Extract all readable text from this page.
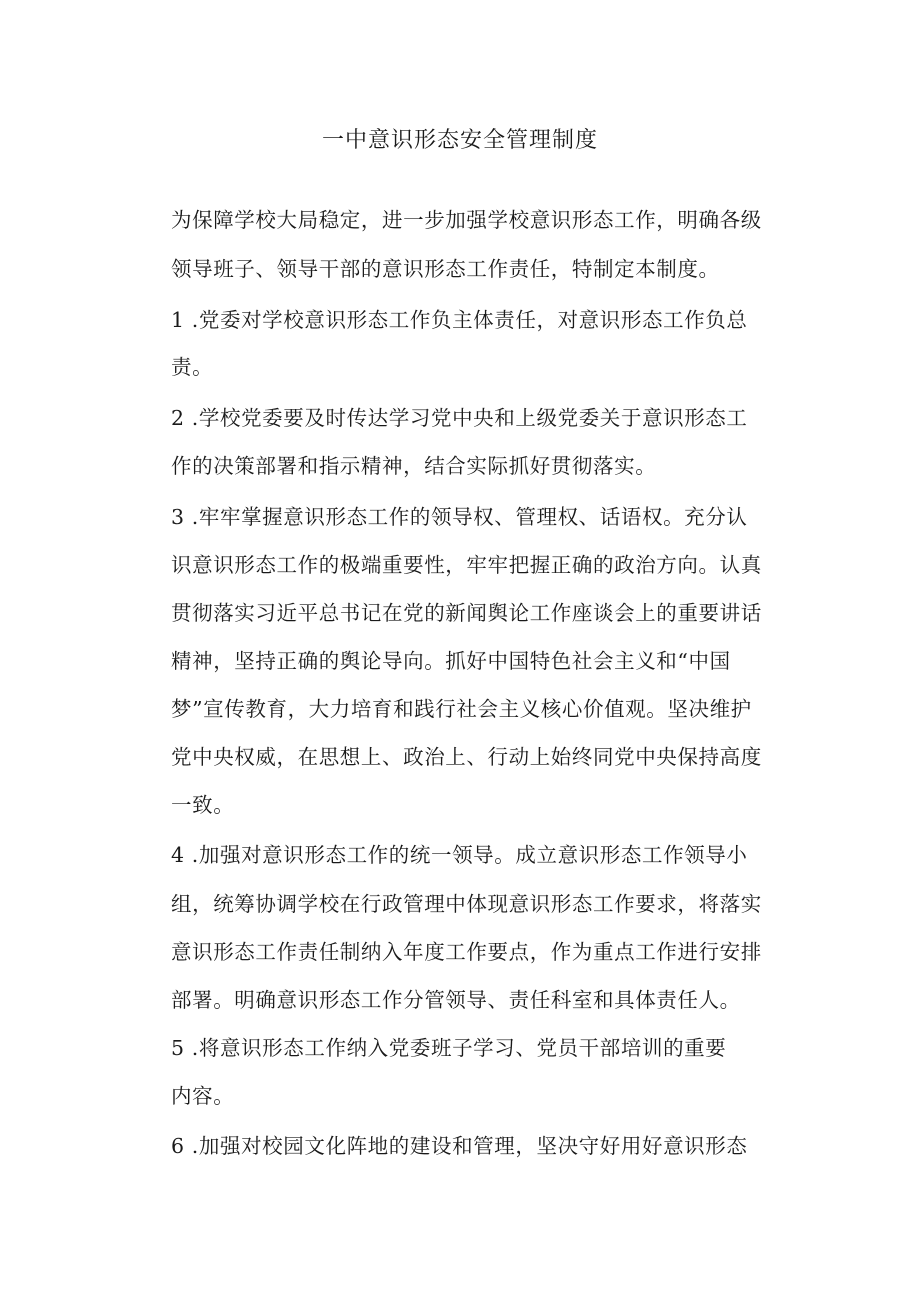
一中意识形态安全管理制度

为保障学校大局稳定，进一步加强学校意识形态工作，明确各级

领导班子、领导干部的意识形态工作责任，特制定本制度。

1 .党委对学校意识形态工作负主体责任，对意识形态工作负总

责。

2 .学校党委要及时传达学习党中央和上级党委关于意识形态工

作的决策部署和指示精神，结合实际抓好贯彻落实。

3 .牢牢掌握意识形态工作的领导权、管理权、话语权。充分认

识意识形态工作的极端重要性，牢牢把握正确的政治方向。认真

贯彻落实习近平总书记在党的新闻舆论工作座谈会上的重要讲话

精神，坚持正确的舆论导向。抓好中国特色社会主义和“中国

梦”宣传教育，大力培育和践行社会主义核心价值观。坚决维护

党中央权威，在思想上、政治上、行动上始终同党中央保持高度

一致。

4 .加强对意识形态工作的统一领导。成立意识形态工作领导小

组，统筹协调学校在行政管理中体现意识形态工作要求，将落实

意识形态工作责任制纳入年度工作要点，作为重点工作进行安排

部署。明确意识形态工作分管领导、责任科室和具体责任人。

5 .将意识形态工作纳入党委班子学习、党员干部培训的重要

内容。

6 .加强对校园文化阵地的建设和管理，坚决守好用好意识形态
